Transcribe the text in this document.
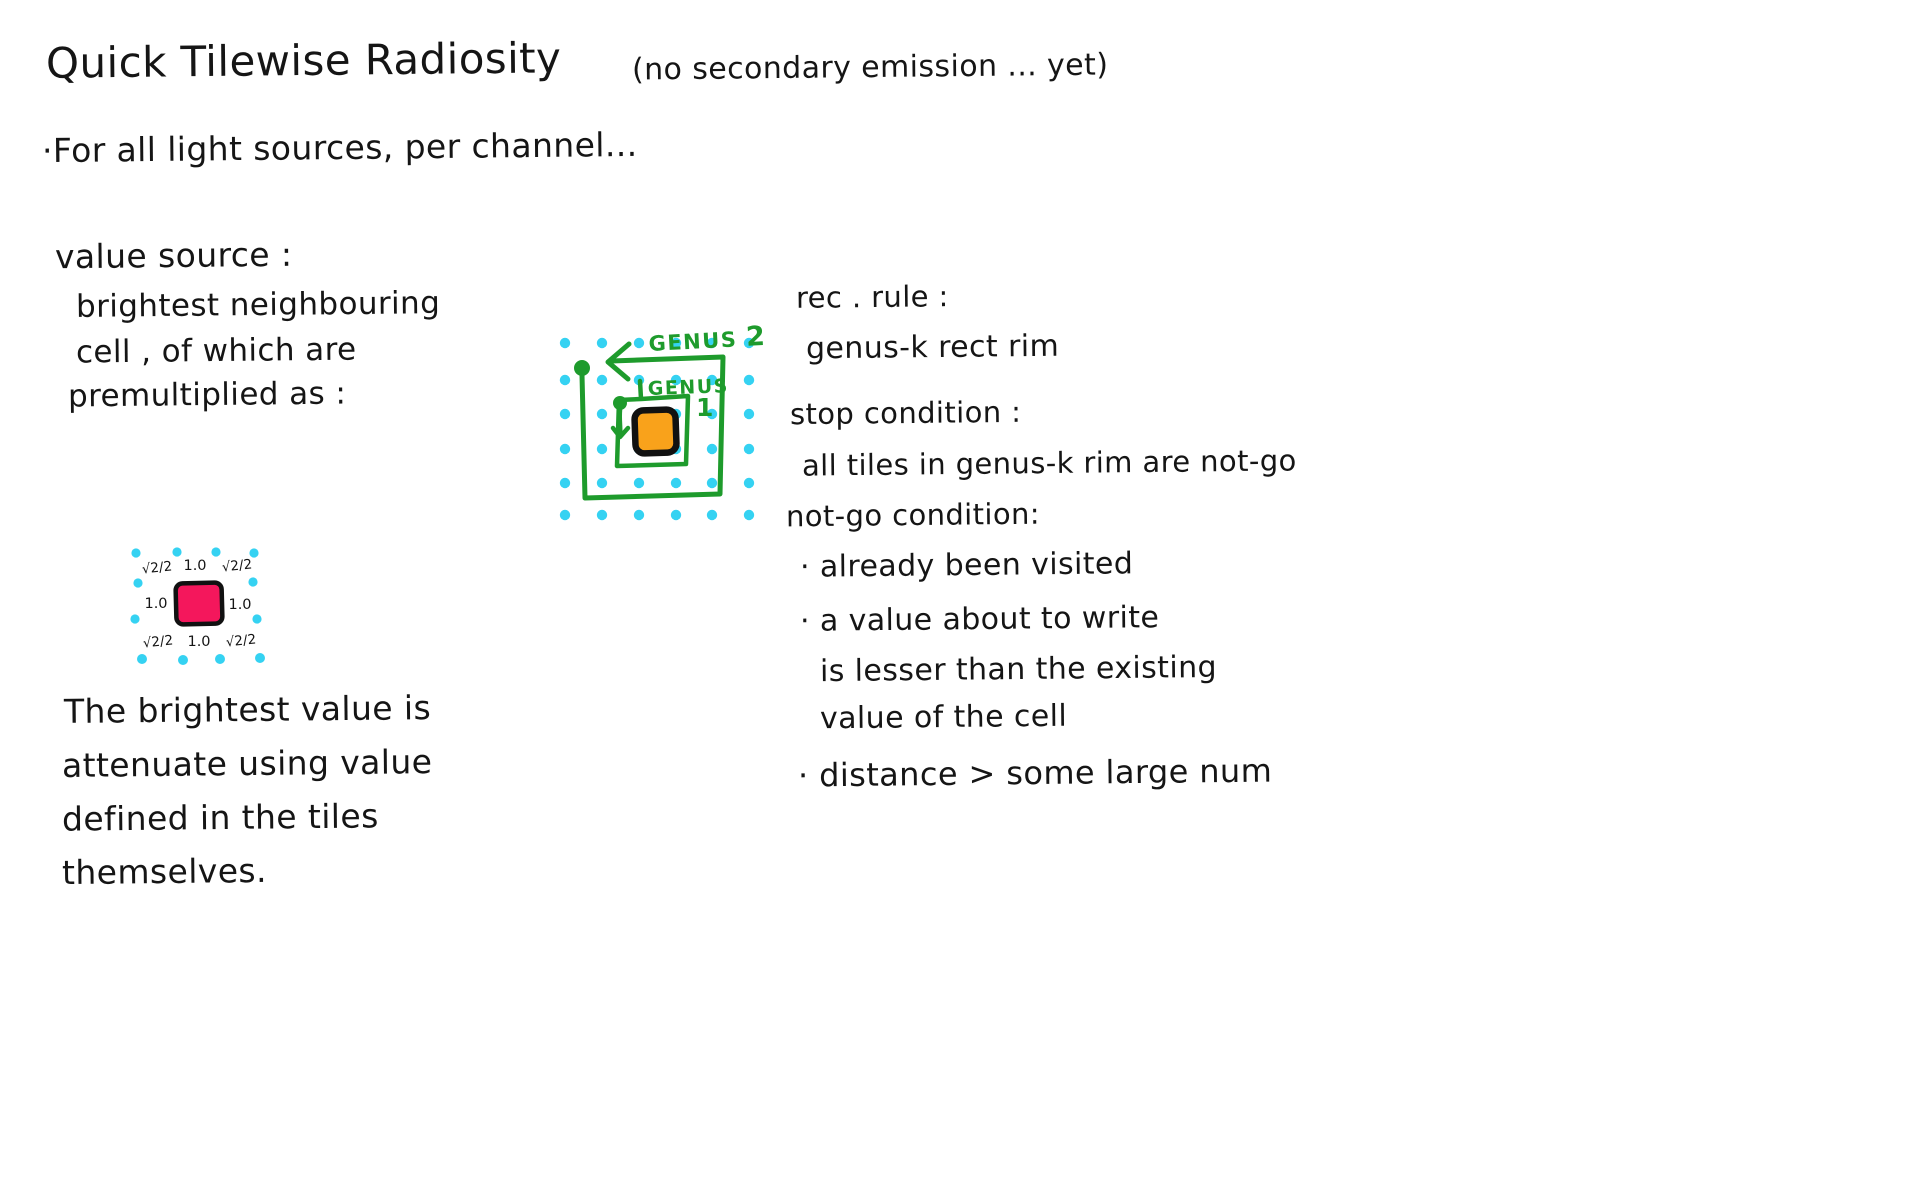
Quick Tilewise Radiosity (no secondary emission ... yet)
·For all light sources, per channel...
value source :
brightest neighbouring
cell , of which are
premultiplied as :
√2/2 1.0 √2/2
1.0	1.0
√2/2 1.0 √2/2
The brightest value is
attenuate using value
defined in the tiles
themselves.
GENUS 2
GENUS
1
rec . rule :
genus-k rect rim
stop condition :
all tiles in genus-k rim are not-go
not-go condition:
· already been visited
· a value about to write
is lesser than the existing
value of the cell
· distance > some large num
